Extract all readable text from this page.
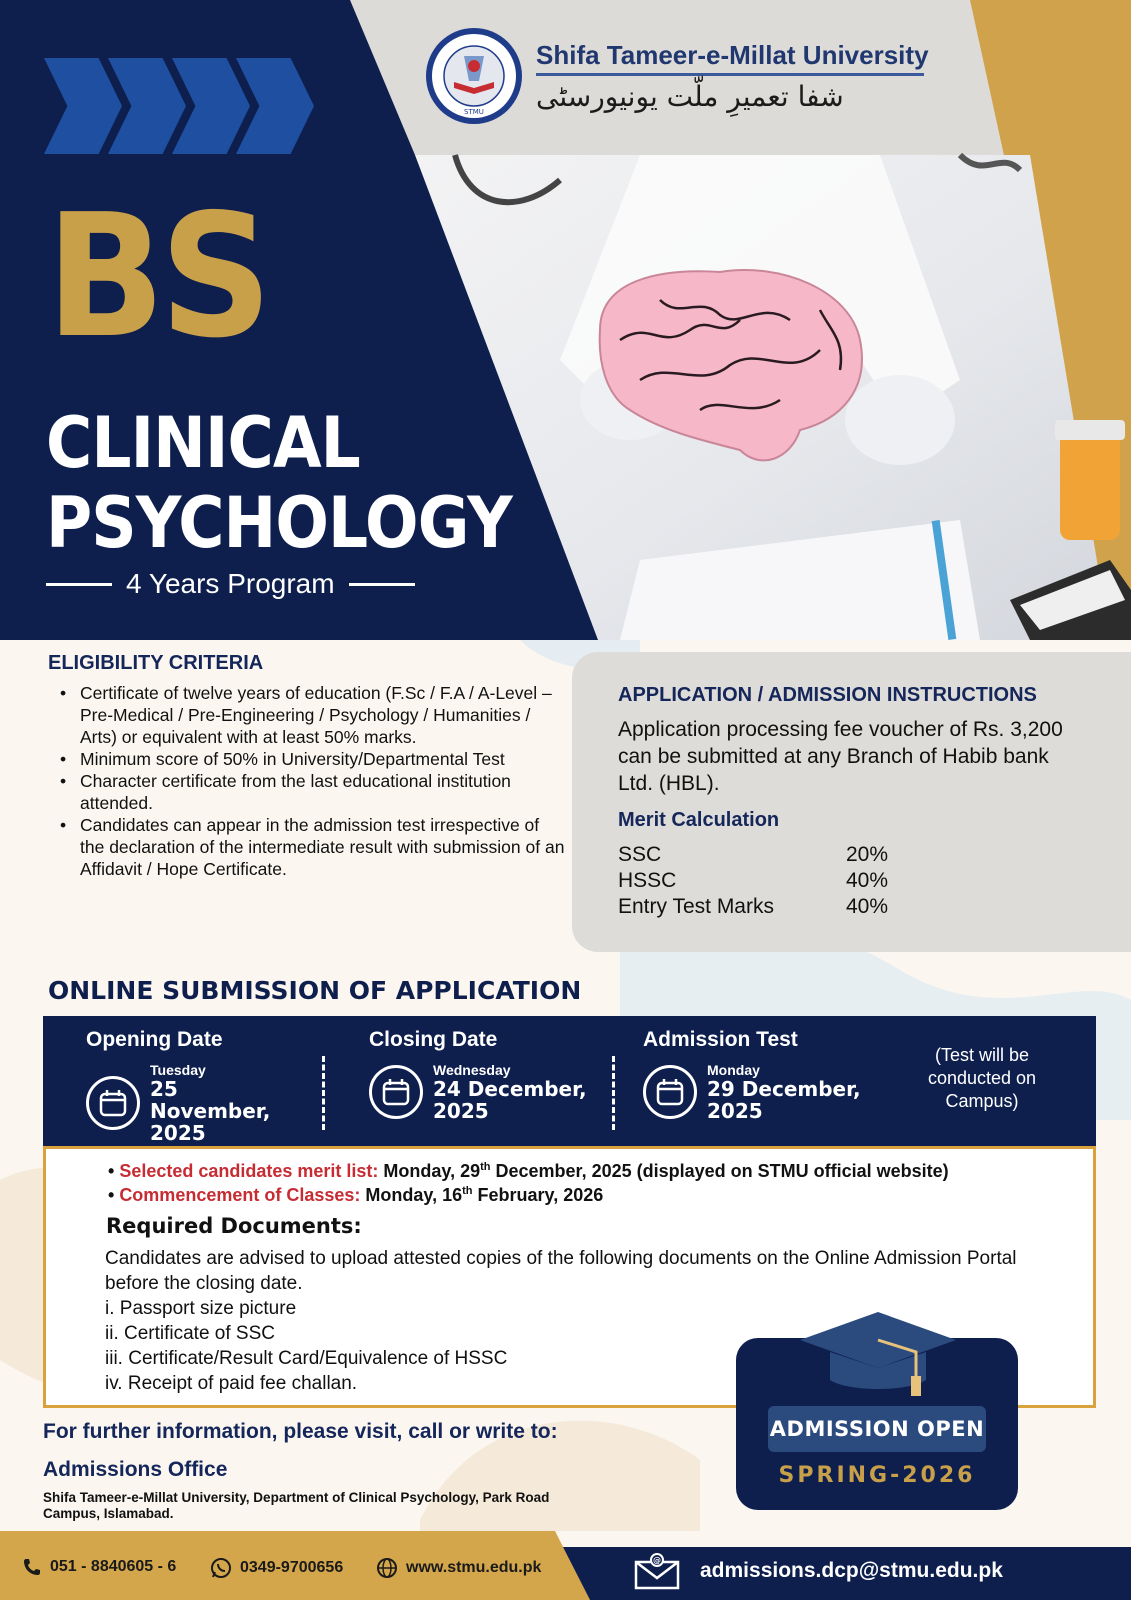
STMU
Shifa Tameer-e-Millat University
شفا تعمیرِ ملّت یونیورسٹی
BS
CLINICAL
PSYCHOLOGY
4 Years Program
ELIGIBILITY CRITERIA
• Certificate of twelve years of education (F.Sc / F.A / A-Level – Pre-Medical / Pre-Engineering / Psychology / Humanities / Arts) or equivalent with at least 50% marks.
• Minimum score of 50% in University/Departmental Test
• Character certificate from the last educational institution attended.
• Candidates can appear in the admission test irrespective of the declaration of the intermediate result with submission of an Affidavit / Hope Certificate.
APPLICATION / ADMISSION INSTRUCTIONS
Application processing fee voucher of Rs. 3,200 can be submitted at any Branch of Habib bank Ltd. (HBL).
Merit Calculation
SSC	20%
HSSC	40%
Entry Test Marks	40%
ONLINE SUBMISSION OF APPLICATION
Opening Date
Tuesday
25 November, 2025
Closing Date
Wednesday
24 December, 2025
Admission Test
Monday
29 December, 2025
(Test will be conducted on Campus)
• Selected candidates merit list: Monday, 29th December, 2025 (displayed on STMU official website)
• Commencement of Classes: Monday, 16th February, 2026
Required Documents:
Candidates are advised to upload attested copies of the following documents on the Online Admission Portal before the closing date.
i. Passport size picture
ii. Certificate of SSC
iii. Certificate/Result Card/Equivalence of HSSC
iv. Receipt of paid fee challan.
ADMISSION OPEN
SPRING-2026
For further information, please visit, call or write to:
Admissions Office
Shifa Tameer-e-Millat University, Department of Clinical Psychology, Park Road Campus, Islamabad.
051 - 8840605 - 6	0349-9700656	www.stmu.edu.pk	@ admissions.dcp@stmu.edu.pk
